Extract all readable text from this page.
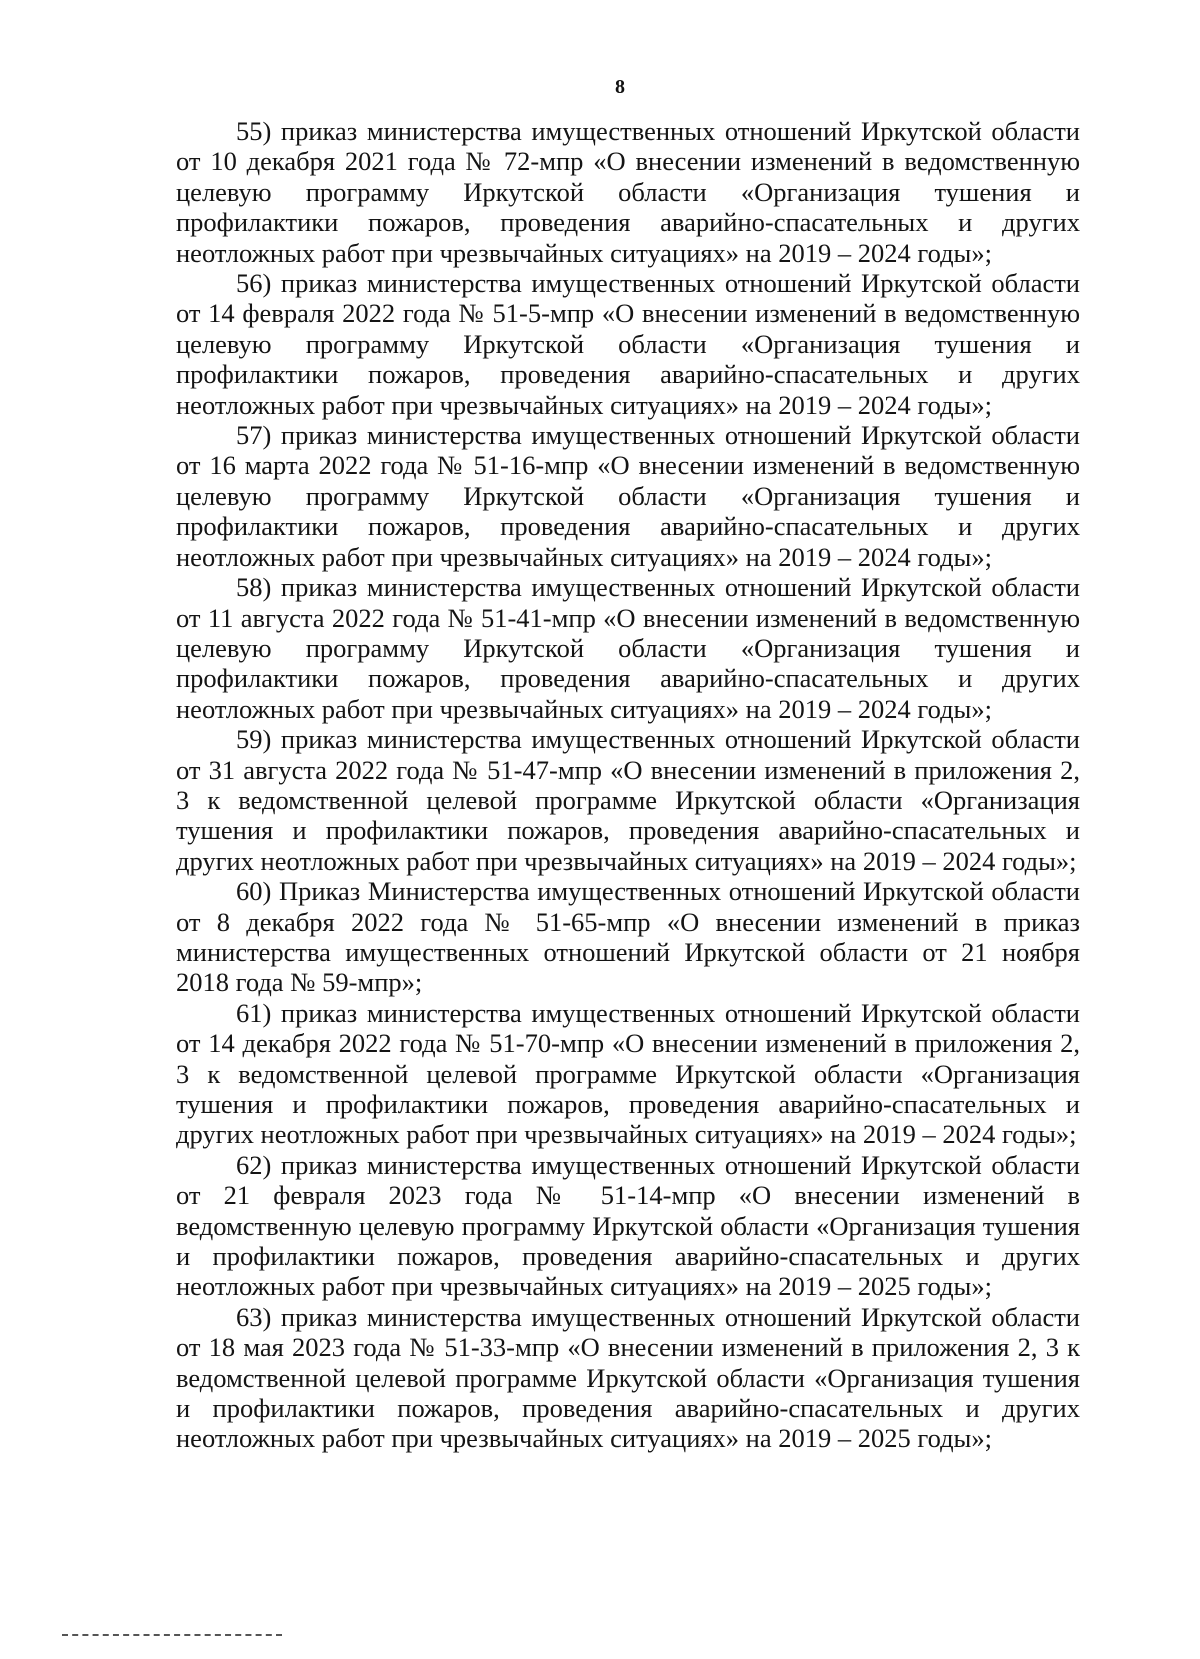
8

55) приказ министерства имущественных отношений Иркутской области от 10 декабря 2021 года № 72-мпр «О внесении изменений в ведомственную целевую программу Иркутской области «Организация тушения и профилактики пожаров, проведения аварийно-спасательных и других неотложных работ при чрезвычайных ситуациях» на 2019 – 2024 годы»;

56) приказ министерства имущественных отношений Иркутской области от 14 февраля 2022 года № 51-5-мпр «О внесении изменений в ведомственную целевую программу Иркутской области «Организация тушения и профилактики пожаров, проведения аварийно-спасательных и других неотложных работ при чрезвычайных ситуациях» на 2019 – 2024 годы»;

57) приказ министерства имущественных отношений Иркутской области от 16 марта 2022 года № 51-16-мпр «О внесении изменений в ведомственную целевую программу Иркутской области «Организация тушения и профилактики пожаров, проведения аварийно-спасательных и других неотложных работ при чрезвычайных ситуациях» на 2019 – 2024 годы»;

58) приказ министерства имущественных отношений Иркутской области от 11 августа 2022 года № 51-41-мпр «О внесении изменений в ведомственную целевую программу Иркутской области «Организация тушения и профилактики пожаров, проведения аварийно-спасательных и других неотложных работ при чрезвычайных ситуациях» на 2019 – 2024 годы»;

59) приказ министерства имущественных отношений Иркутской области от 31 августа 2022 года № 51-47-мпр «О внесении изменений в приложения 2, 3 к ведомственной целевой программе Иркутской области «Организация тушения и профилактики пожаров, проведения аварийно-спасательных и других неотложных работ при чрезвычайных ситуациях» на 2019 – 2024 годы»;

60) Приказ Министерства имущественных отношений Иркутской области от 8 декабря 2022 года № 51-65-мпр «О внесении изменений в приказ министерства имущественных отношений Иркутской области от 21 ноября 2018 года № 59-мпр»;

61) приказ министерства имущественных отношений Иркутской области от 14 декабря 2022 года № 51-70-мпр «О внесении изменений в приложения 2, 3 к ведомственной целевой программе Иркутской области «Организация тушения и профилактики пожаров, проведения аварийно-спасательных и других неотложных работ при чрезвычайных ситуациях» на 2019 – 2024 годы»;

62) приказ министерства имущественных отношений Иркутской области от 21 февраля 2023 года № 51-14-мпр «О внесении изменений в ведомственную целевую программу Иркутской области «Организация тушения и профилактики пожаров, проведения аварийно-спасательных и других неотложных работ при чрезвычайных ситуациях» на 2019 – 2025 годы»;

63) приказ министерства имущественных отношений Иркутской области от 18 мая 2023 года № 51-33-мпр «О внесении изменений в приложения 2, 3 к ведомственной целевой программе Иркутской области «Организация тушения и профилактики пожаров, проведения аварийно-спасательных и других неотложных работ при чрезвычайных ситуациях» на 2019 – 2025 годы»;
